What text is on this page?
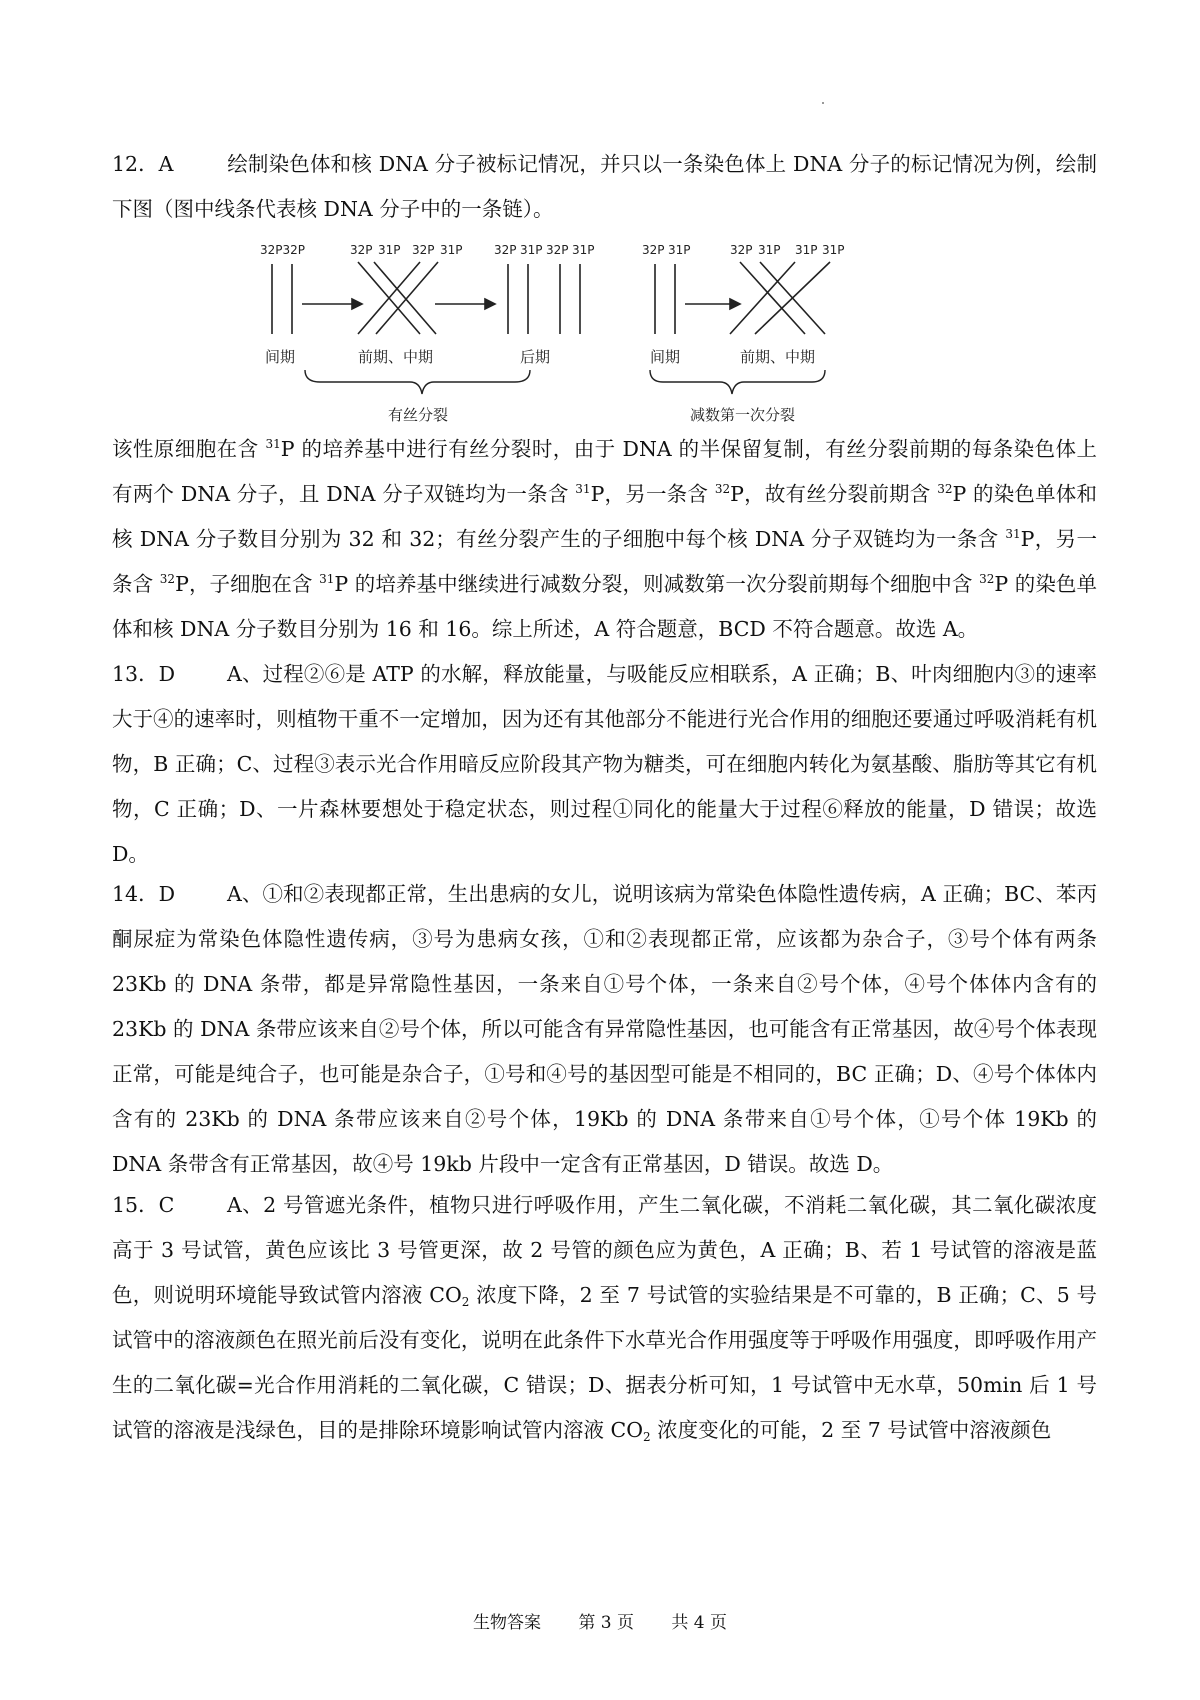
12．A	绘制染色体和核 DNA 分子被标记情况，并只以一条染色体上 DNA 分子的标记情况为例，绘制下图（图中线条代表核 DNA 分子中的一条链）。
32P32P	32P 31P 32P 31P	32P 31P 32P 31P	32P 31P	32P 31P 31P 31P
间期	前期、中期	后期	间期	前期、中期
有丝分裂	减数第一次分裂
该性原细胞在含 $^{31}$P 的培养基中进行有丝分裂时，由于 DNA 的半保留复制，有丝分裂前期的每条染色体上有两个 DNA 分子，且 DNA 分子双链均为一条含 $^{31}$P，另一条含 $^{32}$P，故有丝分裂前期含 $^{32}$P 的染色单体和核 DNA 分子数目分别为 32 和 32；有丝分裂产生的子细胞中每个核 DNA 分子双链均为一条含 $^{31}$P，另一条含 $^{32}$P，子细胞在含 $^{31}$P 的培养基中继续进行减数分裂，则减数第一次分裂前期每个细胞中含 $^{32}$P 的染色单体和核 DNA 分子数目分别为 16 和 16。综上所述，A 符合题意，BCD 不符合题意。故选 A。
13．D	A、过程②⑥是 ATP 的水解，释放能量，与吸能反应相联系，A 正确；B、叶肉细胞内③的速率大于④的速率时，则植物干重不一定增加，因为还有其他部分不能进行光合作用的细胞还要通过呼吸消耗有机物，B 正确；C、过程③表示光合作用暗反应阶段其产物为糖类，可在细胞内转化为氨基酸、脂肪等其它有机物，C 正确；D、一片森林要想处于稳定状态，则过程①同化的能量大于过程⑥释放的能量，D 错误；故选 D。
14．D	A、①和②表现都正常，生出患病的女儿，说明该病为常染色体隐性遗传病，A 正确；BC、苯丙酮尿症为常染色体隐性遗传病，③号为患病女孩，①和②表现都正常，应该都为杂合子，③号个体有两条 23Kb 的 DNA 条带，都是异常隐性基因，一条来自①号个体，一条来自②号个体，④号个体体内含有的 23Kb 的 DNA 条带应该来自②号个体，所以可能含有异常隐性基因，也可能含有正常基因，故④号个体表现正常，可能是纯合子，也可能是杂合子，①号和④号的基因型可能是不相同的，BC 正确；D、④号个体体内含有的 23Kb 的 DNA 条带应该来自②号个体，19Kb 的 DNA 条带来自①号个体，①号个体 19Kb 的 DNA 条带含有正常基因，故④号 19kb 片段中一定含有正常基因，D 错误。故选 D。
15．C	A、2 号管遮光条件，植物只进行呼吸作用，产生二氧化碳，不消耗二氧化碳，其二氧化碳浓度高于 3 号试管，黄色应该比 3 号管更深，故 2 号管的颜色应为黄色，A 正确；B、若 1 号试管的溶液是蓝色，则说明环境能导致试管内溶液 $CO_2$ 浓度下降，2 至 7 号试管的实验结果是不可靠的，B 正确；C、5 号试管中的溶液颜色在照光前后没有变化，说明在此条件下水草光合作用强度等于呼吸作用强度，即呼吸作用产生的二氧化碳=光合作用消耗的二氧化碳，C 错误；D、据表分析可知，1 号试管中无水草，50min 后 1 号试管的溶液是浅绿色，目的是排除环境影响试管内溶液 $CO_2$ 浓度变化的可能，2 至 7 号试管中溶液颜色
生物答案 第 3 页 共 4 页
